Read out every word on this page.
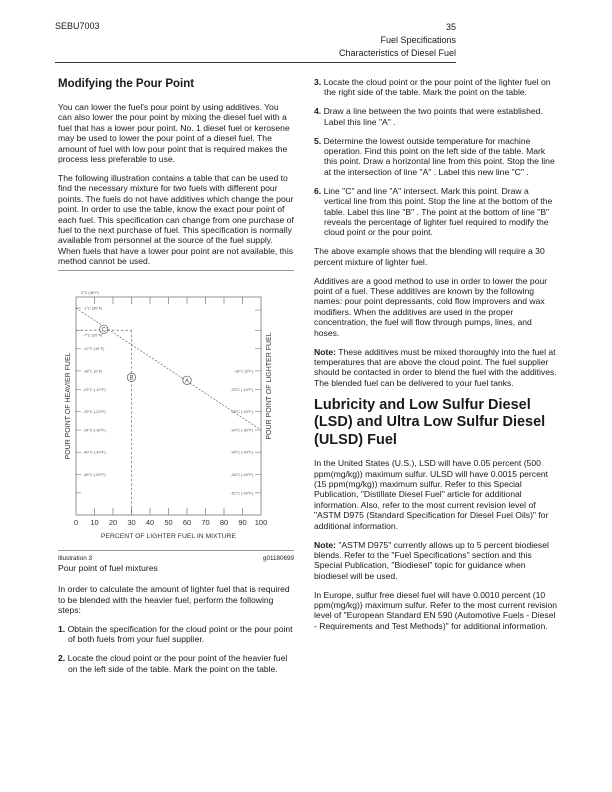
SEBU7003	35
Fuel Specifications
Characteristics of Diesel Fuel
Modifying the Pour Point

You can lower the fuel's pour point by using additives. You can also lower the pour point by mixing the diesel fuel with a fuel that has a lower pour point. No. 1 diesel fuel or kerosene may be used to lower the pour point of a diesel fuel. The amount of fuel with low pour point that is required makes the process less preferable to use.

The following illustration contains a table that can be used to find the necessary mixture for two fuels with different pour points. The fuels do not have additives which change the pour point. In order to use the table, know the exact pour point of each fuel. This specification can change from one purchase of fuel to the next purchase of fuel. This specification is normally available from personnel at the source of the fuel supply. When fuels that have a lower pour point are not available, this method cannot be used.

0 10 20 30 40 50 60 70 80 90 100
PERCENT OF LIGHTER FUEL IN MIXTURE
2°C (36°F)
-1°C (30°F)
-7°C (20°F)
-12°C (10°F)
-18°C (0°F)
-23°C (-10°F)
-29°C (-20°F)
-34°C (-30°F)
-40°C (-40°F)
-46°C (-50°F)
-18°C (0°F)
-23°C (-10°F)
-29°C (-20°F)
-34°C (-30°F)
-40°C (-40°F)
-46°C (-50°F)
-51°C (-60°F)
POUR POINT OF HEAVIER FUEL	POUR POINT OF LIGHTER FUEL
A
C
B
Illustration 3	g01180699
Pour point of fuel mixtures

In order to calculate the amount of lighter fuel that is required to be blended with the heavier fuel, perform the following steps:

1. Obtain the specification for the cloud point or the pour point of both fuels from your fuel supplier.
2. Locate the cloud point or the pour point of the heavier fuel on the left side of the table. Mark the point on the table.
3. Locate the cloud point or the pour point of the lighter fuel on the right side of the table. Mark the point on the table.
4. Draw a line between the two points that were established. Label this line "A" .
5. Determine the lowest outside temperature for machine operation. Find this point on the left side of the table. Mark this point. Draw a horizontal line from this point. Stop the line at the intersection of line "A" . Label this new line "C" .
6. Line "C" and line "A" intersect. Mark this point. Draw a vertical line from this point. Stop the line at the bottom of the table. Label this line "B" . The point at the bottom of line "B" reveals the percentage of lighter fuel required to modify the cloud point or the pour point.

The above example shows that the blending will require a 30 percent mixture of lighter fuel.

Additives are a good method to use in order to lower the pour point of a fuel. These additives are known by the following names: pour point depressants, cold flow improvers and wax modifiers. When the additives are used in the proper concentration, the fuel will flow through pumps, lines, and hoses.

Note: These additives must be mixed thoroughly into the fuel at temperatures that are above the cloud point. The fuel supplier should be contacted in order to blend the fuel with the additives. The blended fuel can be delivered to your fuel tanks.

Lubricity and Low Sulfur Diesel (LSD) and Ultra Low Sulfur Diesel (ULSD) Fuel

In the United States (U.S.), LSD will have 0.05 percent (500 ppm(mg/kg)) maximum sulfur. ULSD will have 0.0015 percent (15 ppm(mg/kg)) maximum sulfur. Refer to this Special Publication, "Distillate Diesel Fuel" article for additional information. Also, refer to the most current revision level of "ASTM D975 (Standard Specification for Diesel Fuel Oils)" for additional information.

Note: "ASTM D975" currently allows up to 5 percent biodiesel blends. Refer to the "Fuel Specifications" section and this Special Publication, "Biodiesel" topic for guidance when biodiesel will be used.

In Europe, sulfur free diesel fuel will have 0.0010 percent (10 ppm(mg/kg)) maximum sulfur. Refer to the most current revision level of "European Standard EN 590 (Automotive Fuels - Diesel - Requirements and Test Methods)" for additional information.
